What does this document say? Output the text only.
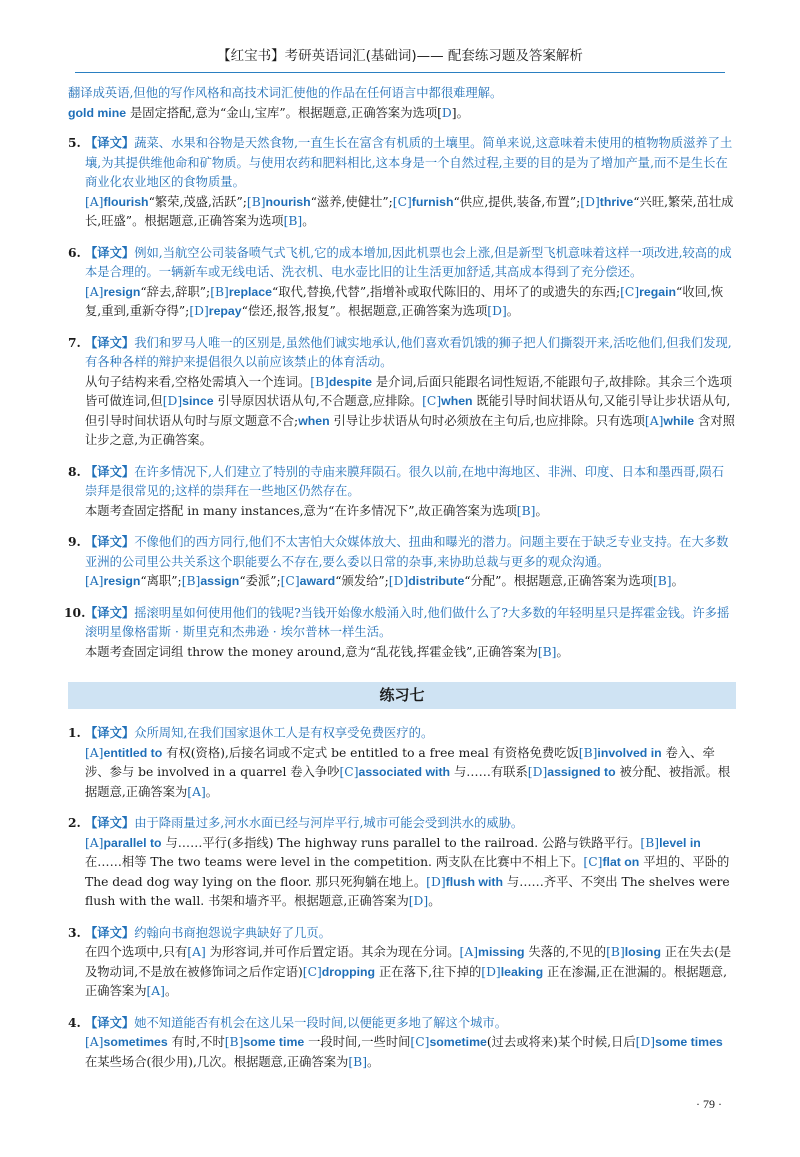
【红宝书】考研英语词汇(基础词)—— 配套练习题及答案解析
翻译成英语,但他的写作风格和高技术词汇使他的作品在任何语言中都很难理解。
gold mine 是固定搭配,意为“金山,宝库”。根据题意,正确答案为选项[D]。
5. 【译文】蔬菜、水果和谷物是天然食物,一直生长在富含有机质的土壤里。简单来说,这意味着未使用的植物物质滋养了土壤,为其提供维他命和矿物质。与使用农药和肥料相比,这本身是一个自然过程,主要的目的是为了增加产量,而不是生长在商业化农业地区的食物质量。
[A]flourish“繁荣,茂盛,活跃”;[B]nourish“滋养,使健壮”;[C]furnish“供应,提供,装备,布置”;[D]thrive“兴旺,繁荣,茁壮成长,旺盛”。根据题意,正确答案为选项[B]。
6. 【译文】例如,当航空公司装备喷气式飞机,它的成本增加,因此机票也会上涨,但是新型飞机意味着这样一项改进,较高的成本是合理的。一辆新车或无线电话、洗衣机、电水壶比旧的让生活更加舒适,其高成本得到了充分偿还。
[A]resign“辞去,辞职”;[B]replace“取代,替换,代替”,指增补或取代陈旧的、用坏了的或遗失的东西;[C]regain“收回,恢复,重到,重新夺得”;[D]repay“偿还,报答,报复”。根据题意,正确答案为选项[D]。
7. 【译文】我们和罗马人唯一的区别是,虽然他们诚实地承认,他们喜欢看饥饿的狮子把人们撕裂开来,活吃他们,但我们发现,有各种各样的辩护来提倡很久以前应该禁止的体育活动。
从句子结构来看,空格处需填入一个连词。[B]despite 是介词,后面只能跟名词性短语,不能跟句子,故排除。其余三个选项皆可做连词,但[D]since 引导原因状语从句,不合题意,应排除。[C]when 既能引导时间状语从句,又能引导让步状语从句,但引导时间状语从句时与原文题意不合;when 引导让步状语从句时必须放在主句后,也应排除。只有选项[A]while 含对照让步之意,为正确答案。
8. 【译文】在许多情况下,人们建立了特别的寺庙来膜拜陨石。很久以前,在地中海地区、非洲、印度、日本和墨西哥,陨石崇拜是很常见的;这样的崇拜在一些地区仍然存在。
本题考查固定搭配 in many instances,意为“在许多情况下”,故正确答案为选项[B]。
9. 【译文】不像他们的西方同行,他们不太害怕大众媒体放大、扭曲和曝光的潜力。问题主要在于缺乏专业支持。在大多数亚洲的公司里公共关系这个职能要么不存在,要么委以日常的杂事,来协助总裁与更多的观众沟通。
[A]resign“离职”;[B]assign“委派”;[C]award“颁发给”;[D]distribute“分配”。根据题意,正确答案为选项[B]。
10. 【译文】摇滚明星如何使用他们的钱呢?当钱开始像水般涌入时,他们做什么了?大多数的年轻明星只是挥霍金钱。许多摇滚明星像格雷斯 · 斯里克和杰弗逊 · 埃尔普林一样生活。
本题考查固定词组 throw the money around,意为“乱花钱,挥霍金钱”,正确答案为[B]。
练习七
1. 【译文】众所周知,在我们国家退休工人是有权享受免费医疗的。
[A]entitled to 有权(资格),后接名词或不定式 be entitled to a free meal 有资格免费吃饭[B]involved in 卷入、牵涉、参与 be involved in a quarrel 卷入争吵[C]associated with 与……有联系[D]assigned to 被分配、被指派。根据题意,正确答案为[A]。
2. 【译文】由于降雨量过多,河水水面已经与河岸平行,城市可能会受到洪水的威胁。
[A]parallel to 与……平行(多指线) The highway runs parallel to the railroad. 公路与铁路平行。[B]level in 在……相等 The two teams were level in the competition. 两支队在比赛中不相上下。[C]flat on 平坦的、平卧的 The dead dog way lying on the floor. 那只死狗躺在地上。[D]flush with 与……齐平、不突出 The shelves were flush with the wall. 书架和墙齐平。根据题意,正确答案为[D]。
3. 【译文】约翰向书商抱怨说字典缺好了几页。
在四个选项中,只有[A] 为形容词,并可作后置定语。其余为现在分词。[A]missing 失落的,不见的[B]losing 正在失去(是及物动词,不是放在被修饰词之后作定语)[C]dropping 正在落下,往下掉的[D]leaking 正在渗漏,正在泄漏的。根据题意,正确答案为[A]。
4. 【译文】她不知道能否有机会在这儿呆一段时间,以便能更多地了解这个城市。
[A]sometimes 有时,不时[B]some time 一段时间,一些时间[C]sometime(过去或将来)某个时候,日后[D]some times 在某些场合(很少用),几次。根据题意,正确答案为[B]。
· 79 ·
